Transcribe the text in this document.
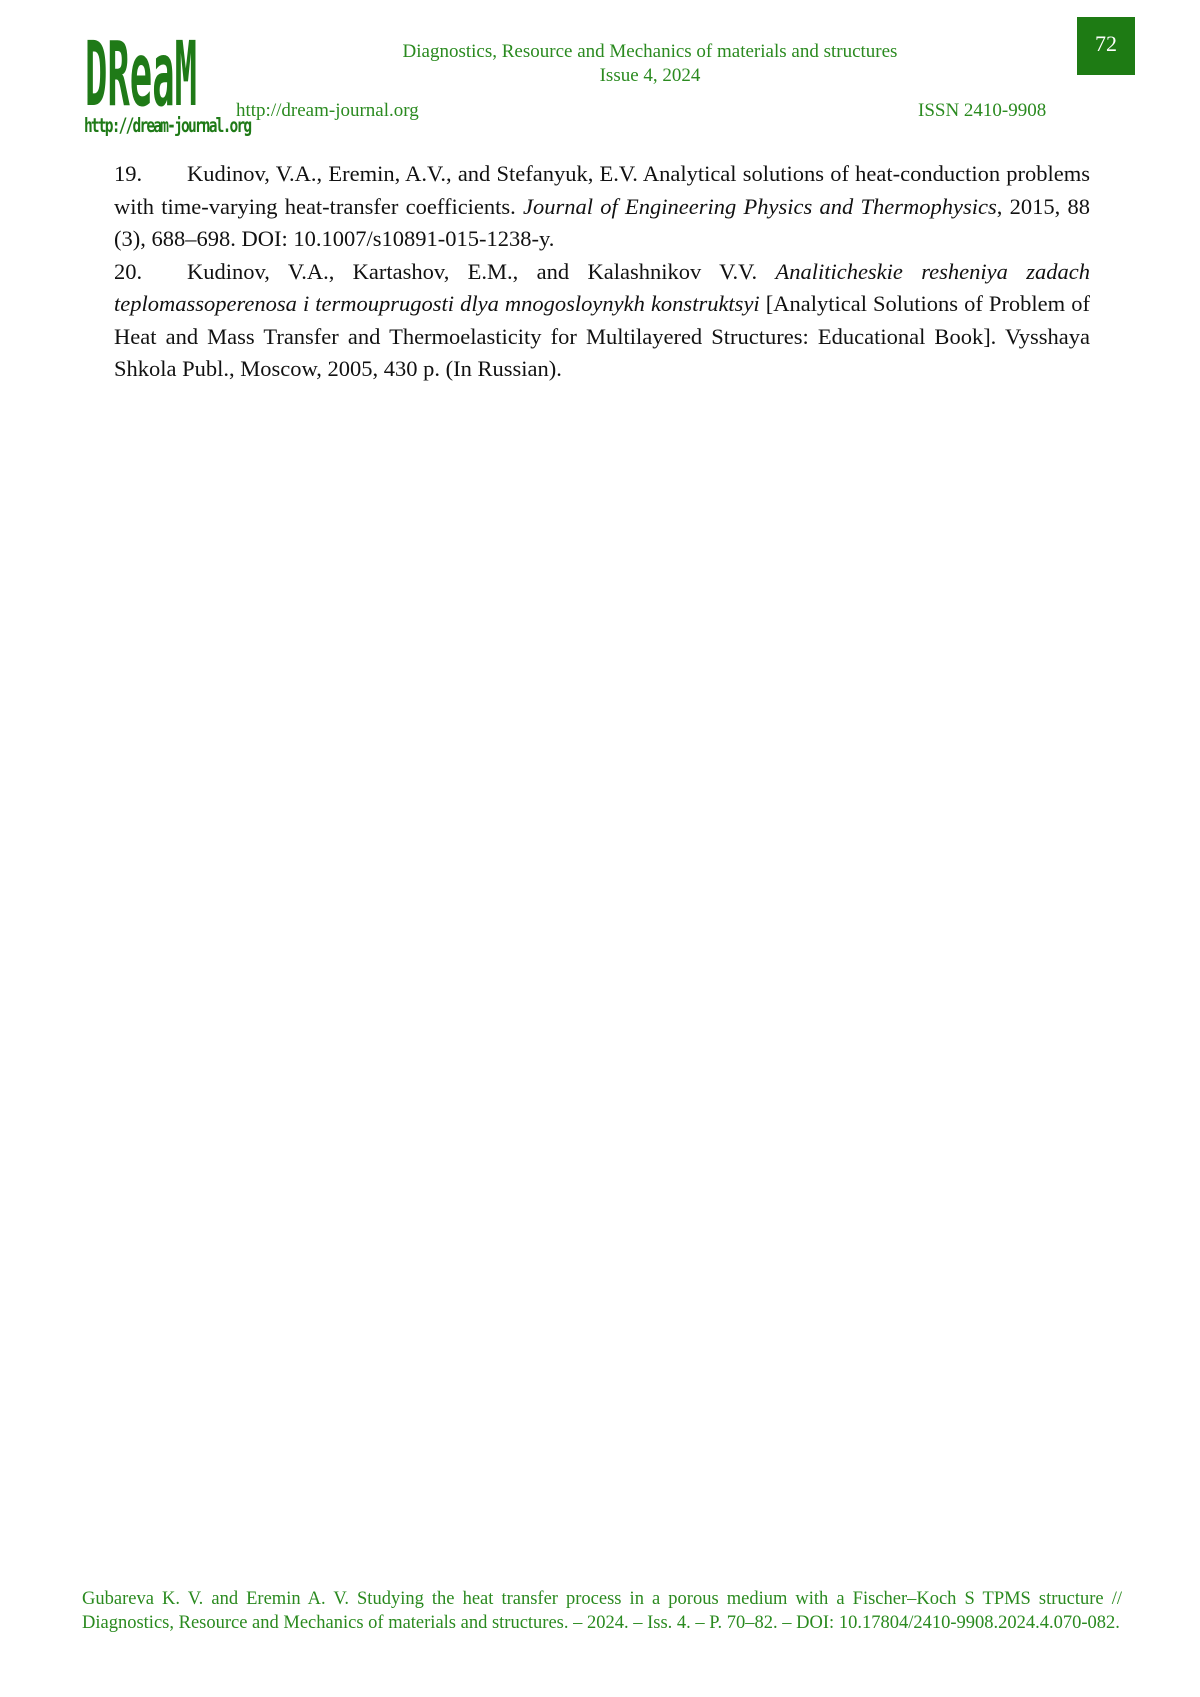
DReaM
http://dream-journal.org
Diagnostics, Resource and Mechanics of materials and structures
Issue 4, 2024
72
http://dream-journal.org	ISSN 2410-9908
19. Kudinov, V.A., Eremin, A.V., and Stefanyuk, E.V. Analytical solutions of heat-conduction problems with time-varying heat-transfer coefficients. Journal of Engineering Physics and Thermophysics, 2015, 88 (3), 688–698. DOI: 10.1007/s10891-015-1238-y.
20. Kudinov, V.A., Kartashov, E.M., and Kalashnikov V.V. Analiticheskie resheniya zadach teplomassoperenosa i termouprugosti dlya mnogosloynykh konstruktsyi [Analytical Solutions of Problem of Heat and Mass Transfer and Thermoelasticity for Multilayered Structures: Educational Book]. Vysshaya Shkola Publ., Moscow, 2005, 430 p. (In Russian).
Gubareva K. V. and Eremin A. V. Studying the heat transfer process in a porous medium with a Fischer–Koch S TPMS structure // Diagnostics, Resource and Mechanics of materials and structures. – 2024. – Iss. 4. – P. 70–82. – DOI: 10.17804/2410-9908.2024.4.070-082.
